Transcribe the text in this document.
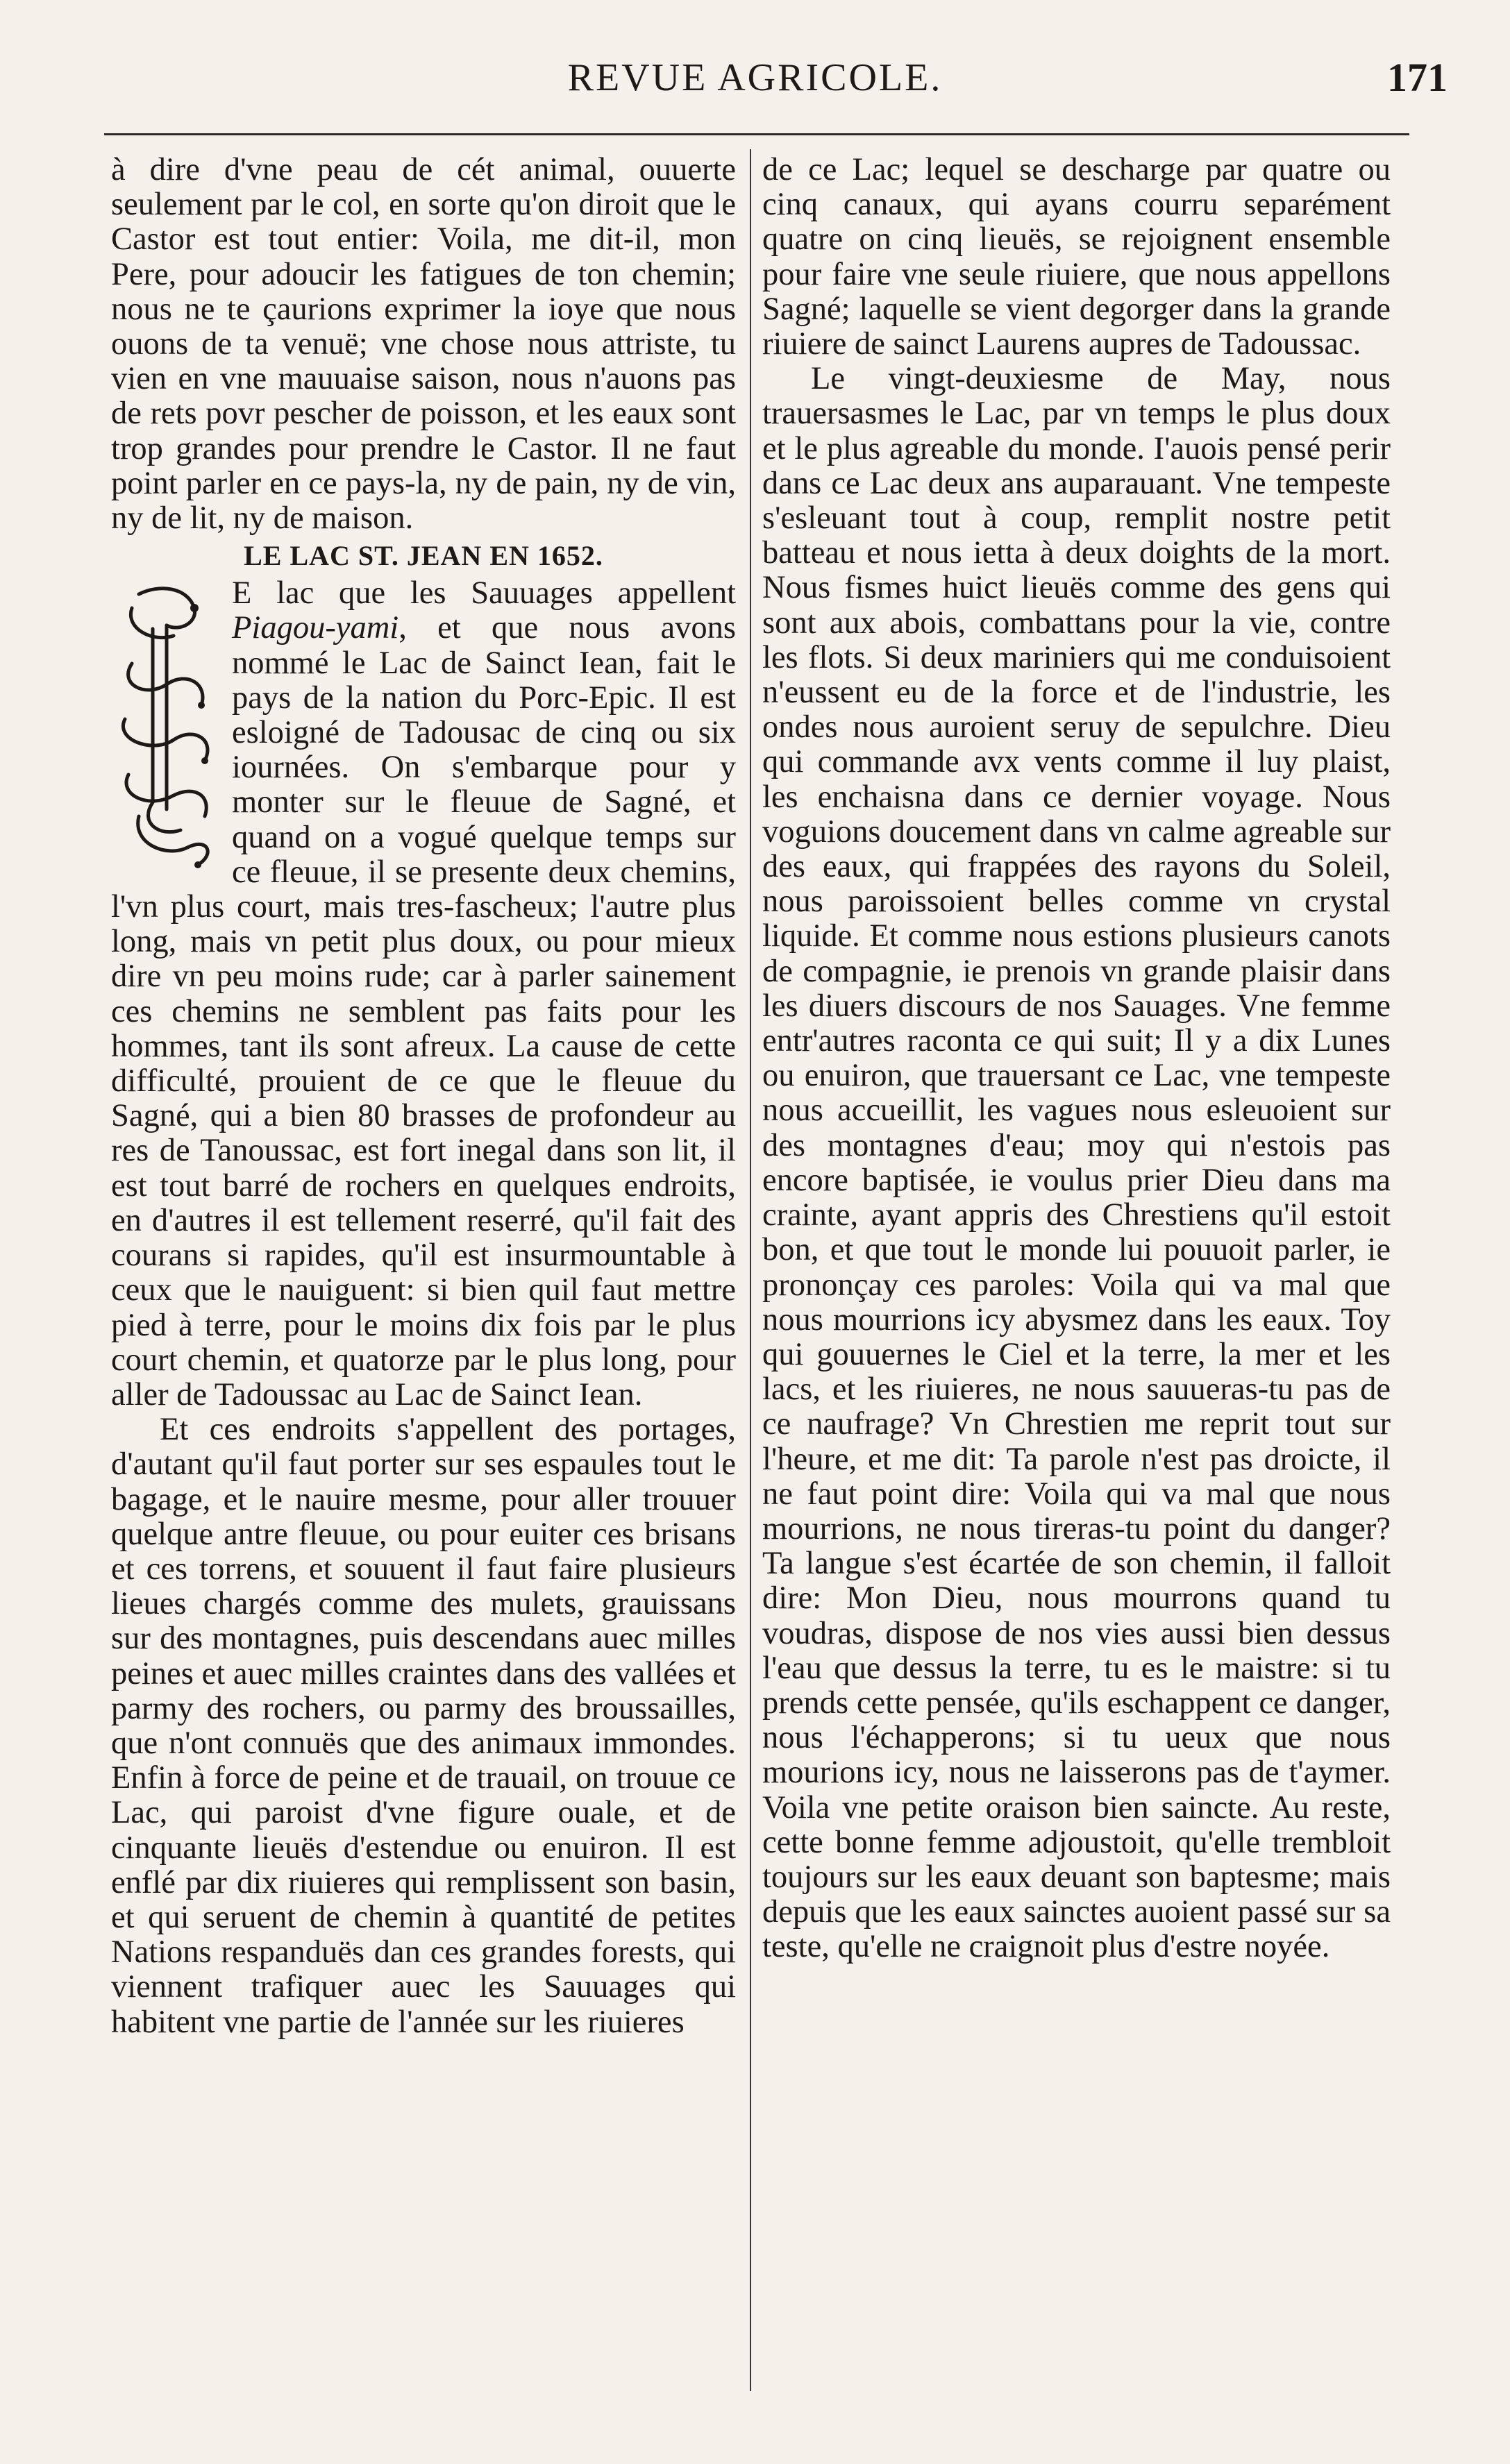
REVUE AGRICOLE.	171

à dire d'vne peau de cét animal, ouuerte seulement par le col, en sorte qu'on diroit que le Castor est tout entier: Voila, me dit-il, mon Pere, pour adoucir les fatigues de ton chemin; nous ne te çaurions exprimer la ioye que nous ouons de ta venuë; vne chose nous attriste, tu vien en vne mauuaise saison, nous n'auons pas de rets povr pescher de poisson, et les eaux sont trop grandes pour prendre le Castor. Il ne faut point parler en ce pays-la, ny de pain, ny de vin, ny de lit, ny de maison.

LE LAC ST. JEAN EN 1652.

E lac que les Sauuages appellent Piagou-yami, et que nous avons nommé le Lac de Sainct Iean, fait le pays de la nation du Porc-Epic. Il est esloigné de Tadousac de cinq ou six iournées. On s'embarque pour y monter sur le fleuue de Sagné, et quand on a vogué quelque temps sur ce fleuue, il se presente deux chemins, l'vn plus court, mais tres-fascheux; l'autre plus long, mais vn petit plus doux, ou pour mieux dire vn peu moins rude; car à parler sainement ces chemins ne semblent pas faits pour les hommes, tant ils sont afreux. La cause de cette difficulté, prouient de ce que le fleuue du Sagné, qui a bien 80 brasses de profondeur au res de Tanoussac, est fort inegal dans son lit, il est tout barré de rochers en quelques endroits, en d'autres il est tellement reserré, qu'il fait des courans si rapides, qu'il est insurmountable à ceux que le nauiguent: si bien quil faut mettre pied à terre, pour le moins dix fois par le plus court chemin, et quatorze par le plus long, pour aller de Tadoussac au Lac de Sainct Iean.

Et ces endroits s'appellent des portages, d'autant qu'il faut porter sur ses espaules tout le bagage, et le nauire mesme, pour aller trouuer quelque antre fleuue, ou pour euiter ces brisans et ces torrens, et souuent il faut faire plusieurs lieues chargés comme des mulets, grauissans sur des montagnes, puis descendans auec milles peines et auec milles craintes dans des vallées et parmy des rochers, ou parmy des broussailles, que n'ont connuës que des animaux immondes. Enfin à force de peine et de trauail, on trouue ce Lac, qui paroist d'vne figure ouale, et de cinquante lieuës d'estendue ou enuiron. Il est enflé par dix riuieres qui remplissent son basin, et qui seruent de chemin à quantité de petites Nations respanduës dan ces grandes forests, qui viennent trafiquer auec les Sauuages qui habitent vne partie de l'année sur les riuieres

de ce Lac; lequel se descharge par quatre ou cinq canaux, qui ayans courru separément quatre on cinq lieuës, se rejoignent ensemble pour faire vne seule riuiere, que nous appellons Sagné; laquelle se vient degorger dans la grande riuiere de sainct Laurens aupres de Tadoussac.

Le vingt-deuxiesme de May, nous trauersasmes le Lac, par vn temps le plus doux et le plus agreable du monde. I'auois pensé perir dans ce Lac deux ans auparauant. Vne tempeste s'esleuant tout à coup, remplit nostre petit batteau et nous ietta à deux doights de la mort. Nous fismes huict lieuës comme des gens qui sont aux abois, combattans pour la vie, contre les flots. Si deux mariniers qui me conduisoient n'eussent eu de la force et de l'industrie, les ondes nous auroient seruy de sepulchre. Dieu qui commande avx vents comme il luy plaist, les enchaisna dans ce dernier voyage. Nous voguions doucement dans vn calme agreable sur des eaux, qui frappées des rayons du Soleil, nous paroissoient belles comme vn crystal liquide. Et comme nous estions plusieurs canots de compagnie, ie prenois vn grande plaisir dans les diuers discours de nos Sauages. Vne femme entr'autres raconta ce qui suit; Il y a dix Lunes ou enuiron, que trauersant ce Lac, vne tempeste nous accueillit, les vagues nous esleuoient sur des montagnes d'eau; moy qui n'estois pas encore baptisée, ie voulus prier Dieu dans ma crainte, ayant appris des Chrestiens qu'il estoit bon, et que tout le monde lui pouuoit parler, ie prononçay ces paroles: Voila qui va mal que nous mourrions icy abysmez dans les eaux. Toy qui gouuernes le Ciel et la terre, la mer et les lacs, et les riuieres, ne nous sauueras-tu pas de ce naufrage? Vn Chrestien me reprit tout sur l'heure, et me dit: Ta parole n'est pas droicte, il ne faut point dire: Voila qui va mal que nous mourrions, ne nous tireras-tu point du danger? Ta langue s'est écartée de son chemin, il falloit dire: Mon Dieu, nous mourrons quand tu voudras, dispose de nos vies aussi bien dessus l'eau que dessus la terre, tu es le maistre: si tu prends cette pensée, qu'ils eschappent ce danger, nous l'échapperons; si tu ueux que nous mourions icy, nous ne laisserons pas de t'aymer. Voila vne petite oraison bien saincte. Au reste, cette bonne femme adjoustoit, qu'elle trembloit toujours sur les eaux deuant son baptesme; mais depuis que les eaux sainctes auoient passé sur sa teste, qu'elle ne craignoit plus d'estre noyée.
